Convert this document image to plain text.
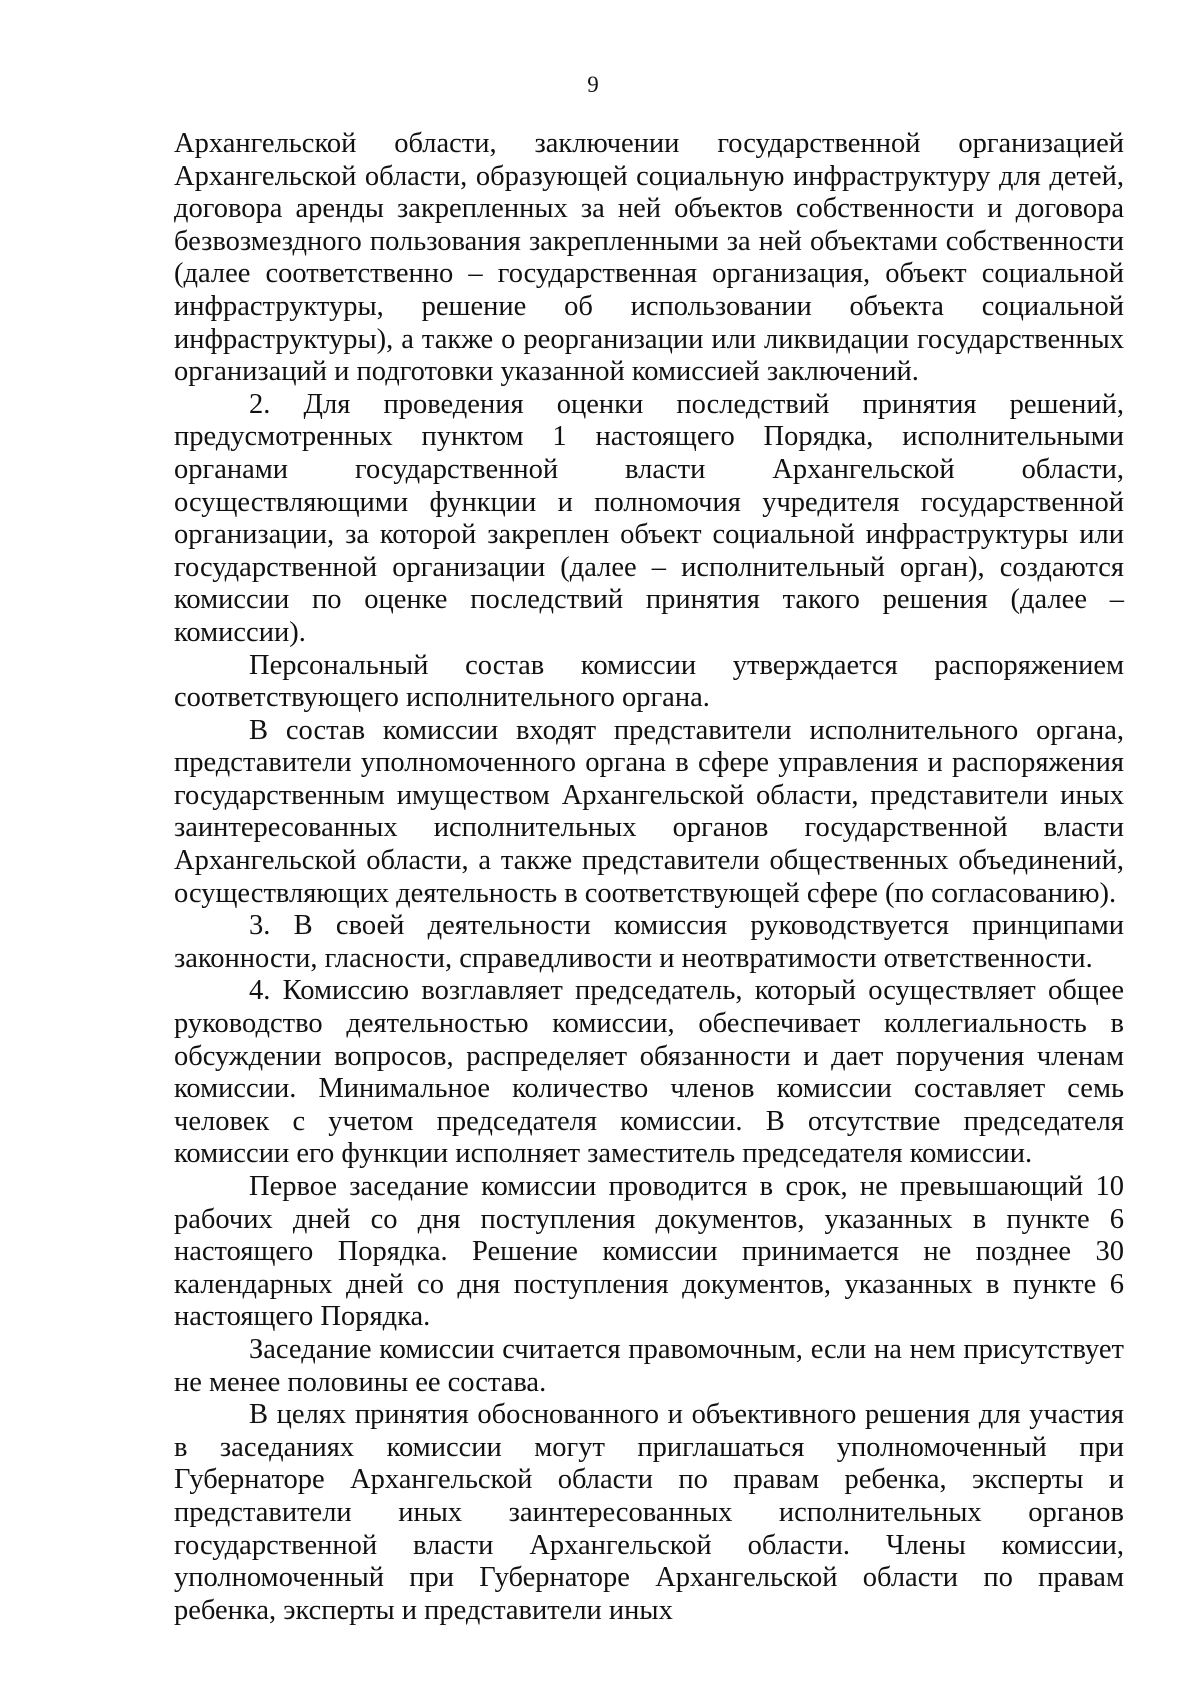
9

Архангельской области, заключении государственной организацией Архангельской области, образующей социальную инфраструктуру для детей, договора аренды закрепленных за ней объектов собственности и договора безвозмездного пользования закрепленными за ней объектами собственности (далее соответственно – государственная организация, объект социальной инфраструктуры, решение об использовании объекта социальной инфраструктуры), а также о реорганизации или ликвидации государственных организаций и подготовки указанной комиссией заключений.

2. Для проведения оценки последствий принятия решений, предусмотренных пунктом 1 настоящего Порядка, исполнительными органами государственной власти Архангельской области, осуществляющими функции и полномочия учредителя государственной организации, за которой закреплен объект социальной инфраструктуры или государственной организации (далее – исполнительный орган), создаются комиссии по оценке последствий принятия такого решения (далее – комиссии).

Персональный состав комиссии утверждается распоряжением соответствующего исполнительного органа.

В состав комиссии входят представители исполнительного органа, представители уполномоченного органа в сфере управления и распоряжения государственным имуществом Архангельской области, представители иных заинтересованных исполнительных органов государственной власти Архангельской области, а также представители общественных объединений, осуществляющих деятельность в соответствующей сфере (по согласованию).

3. В своей деятельности комиссия руководствуется принципами законности, гласности, справедливости и неотвратимости ответственности.

4. Комиссию возглавляет председатель, который осуществляет общее руководство деятельностью комиссии, обеспечивает коллегиальность в обсуждении вопросов, распределяет обязанности и дает поручения членам комиссии. Минимальное количество членов комиссии составляет семь человек с учетом председателя комиссии. В отсутствие председателя комиссии его функции исполняет заместитель председателя комиссии.

Первое заседание комиссии проводится в срок, не превышающий 10 рабочих дней со дня поступления документов, указанных в пункте 6 настоящего Порядка. Решение комиссии принимается не позднее 30 календарных дней со дня поступления документов, указанных в пункте 6 настоящего Порядка.

Заседание комиссии считается правомочным, если на нем присутствует не менее половины ее состава.

В целях принятия обоснованного и объективного решения для участия в заседаниях комиссии могут приглашаться уполномоченный при Губернаторе Архангельской области по правам ребенка, эксперты и представители иных заинтересованных исполнительных органов государственной власти Архангельской области. Члены комиссии, уполномоченный при Губернаторе Архангельской области по правам ребенка, эксперты и представители иных
